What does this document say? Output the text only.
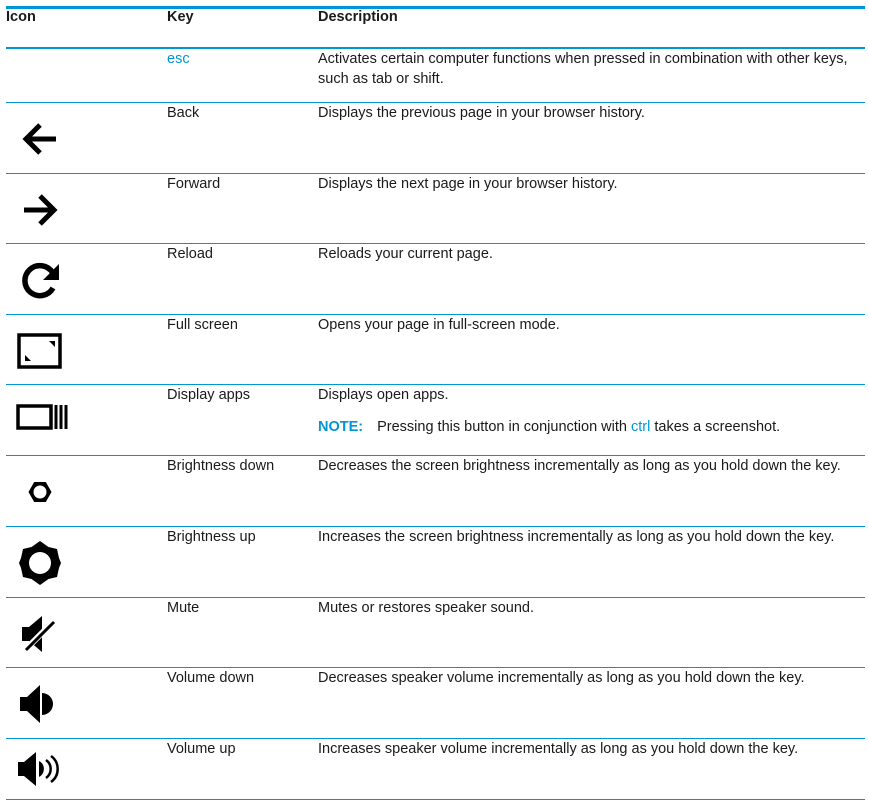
Icon	Key	Description
	esc	Activates certain computer functions when pressed in combination with other keys, such as tab or shift.

	Back	Displays the previous page in your browser history.

	Forward	Displays the next page in your browser history.

	Reload	Reloads your current page.

	Full screen	Opens your page in full-screen mode.

	Display apps	Displays open apps.
NOTE: Pressing this button in conjunction with ctrl takes a screenshot.

	Brightness down	Decreases the screen brightness incrementally as long as you hold down the key.

	Brightness up	Increases the screen brightness incrementally as long as you hold down the key.

	Mute	Mutes or restores speaker sound.

	Volume down	Decreases speaker volume incrementally as long as you hold down the key.

	Volume up	Increases speaker volume incrementally as long as you hold down the key.
